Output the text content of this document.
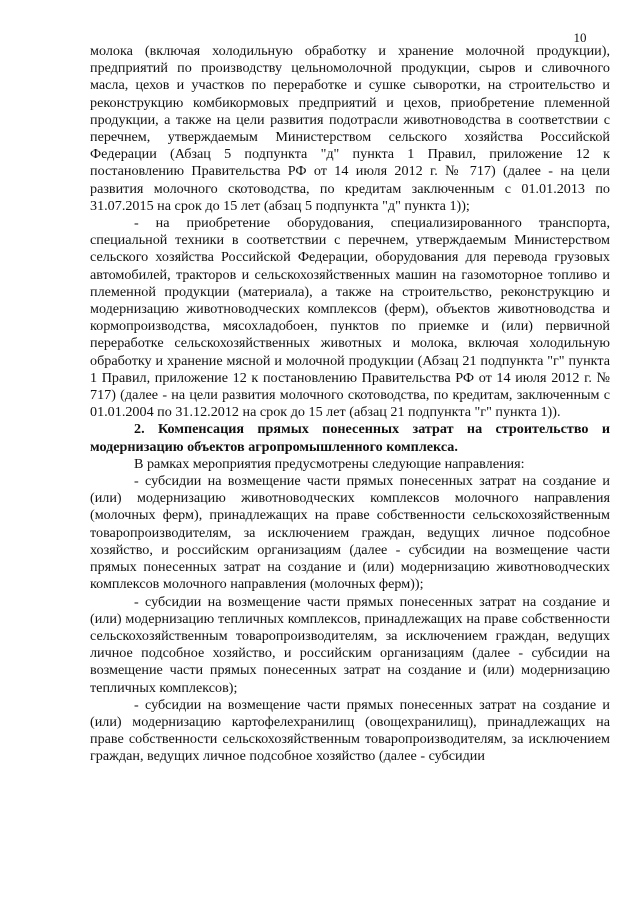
10

молока (включая холодильную обработку и хранение молочной продукции), предприятий по производству цельномолочной продукции, сыров и сливочного масла, цехов и участков по переработке и сушке сыворотки, на строительство и реконструкцию комбикормовых предприятий и цехов, приобретение племенной продукции, а также на цели развития подотрасли животноводства в соответствии с перечнем, утверждаемым Министерством сельского хозяйства Российской Федерации (Абзац 5 подпункта "д" пункта 1 Правил, приложение 12 к постановлению Правительства РФ от 14 июля 2012 г. № 717) (далее - на цели развития молочного скотоводства, по кредитам заключенным с 01.01.2013 по 31.07.2015 на срок до 15 лет (абзац 5 подпункта "д" пункта 1));

- на приобретение оборудования, специализированного транспорта, специальной техники в соответствии с перечнем, утверждаемым Министерством сельского хозяйства Российской Федерации, оборудования для перевода грузовых автомобилей, тракторов и сельскохозяйственных машин на газомоторное топливо и племенной продукции (материала), а также на строительство, реконструкцию и модернизацию животноводческих комплексов (ферм), объектов животноводства и кормопроизводства, мясохладобоен, пунктов по приемке и (или) первичной переработке сельскохозяйственных животных и молока, включая холодильную обработку и хранение мясной и молочной продукции (Абзац 21 подпункта "г" пункта 1 Правил, приложение 12 к постановлению Правительства РФ от 14 июля 2012 г. № 717) (далее - на цели развития молочного скотоводства, по кредитам, заключенным с 01.01.2004 по 31.12.2012 на срок до 15 лет (абзац 21 подпункта "г" пункта 1)).

2. Компенсация прямых понесенных затрат на строительство и модернизацию объектов агропромышленного комплекса.

В рамках мероприятия предусмотрены следующие направления:

- субсидии на возмещение части прямых понесенных затрат на создание и (или) модернизацию животноводческих комплексов молочного направления (молочных ферм), принадлежащих на праве собственности сельскохозяйственным товаропроизводителям, за исключением граждан, ведущих личное подсобное хозяйство, и российским организациям (далее - субсидии на возмещение части прямых понесенных затрат на создание и (или) модернизацию животноводческих комплексов молочного направления (молочных ферм));

- субсидии на возмещение части прямых понесенных затрат на создание и (или) модернизацию тепличных комплексов, принадлежащих на праве собственности сельскохозяйственным товаропроизводителям, за исключением граждан, ведущих личное подсобное хозяйство, и российским организациям (далее - субсидии на возмещение части прямых понесенных затрат на создание и (или) модернизацию тепличных комплексов);

- субсидии на возмещение части прямых понесенных затрат на создание и (или) модернизацию картофелехранилищ (овощехранилищ), принадлежащих на праве собственности сельскохозяйственным товаропроизводителям, за исключением граждан, ведущих личное подсобное хозяйство (далее - субсидии
